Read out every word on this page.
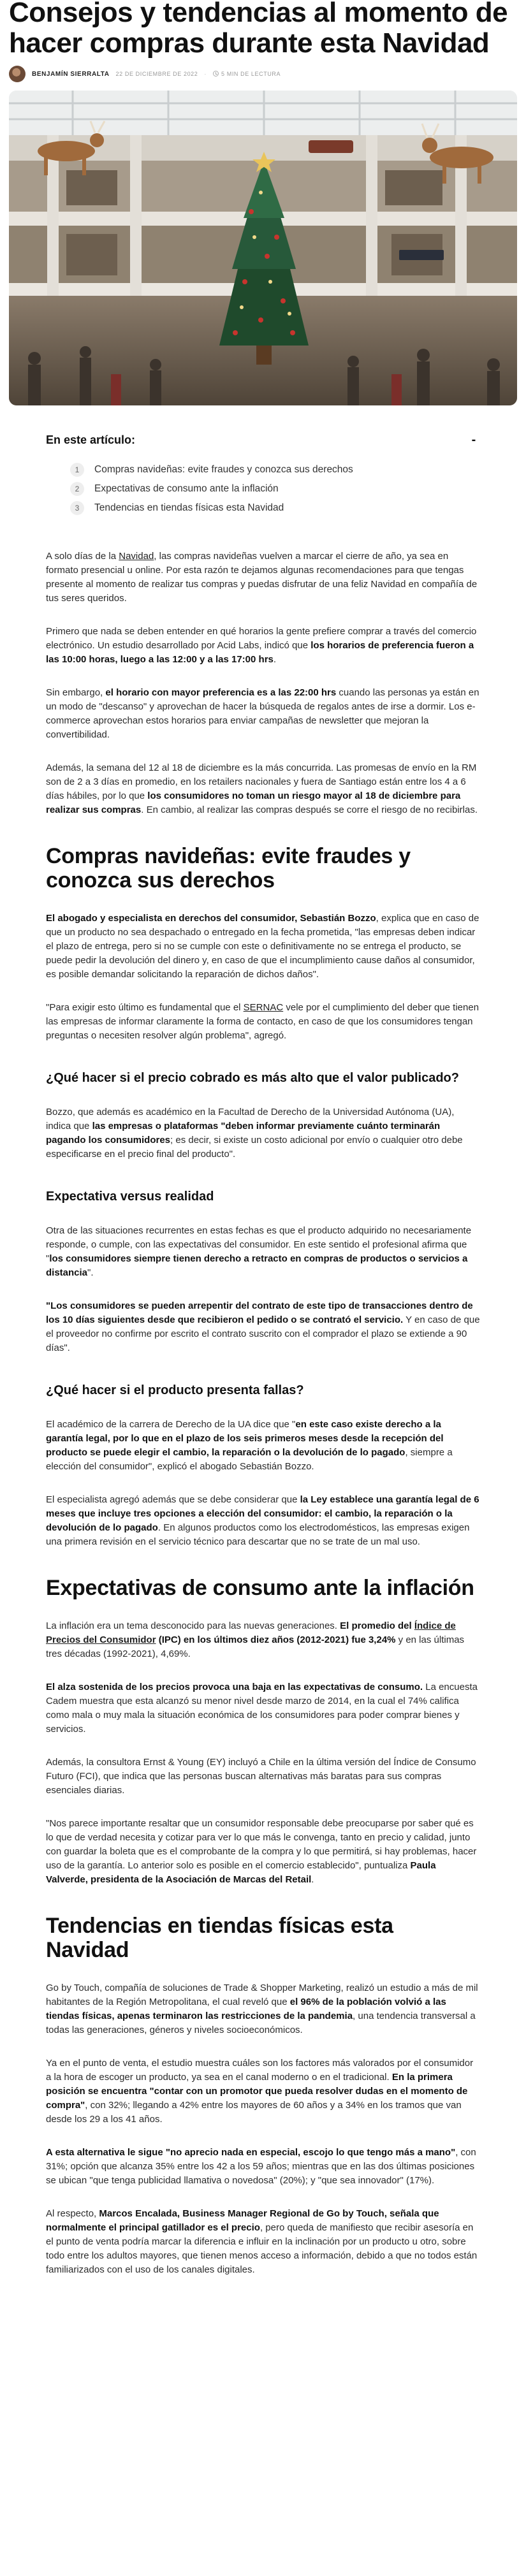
Consejos y tendencias al momento de hacer compras durante esta Navidad
BENJAMÍN SIERRALTA 22 DE DICIEMBRE DE 2022 ·	5 MIN DE LECTURA
En este artículo:	-
1	Compras navideñas: evite fraudes y conozca sus derechos
2	Expectativas de consumo ante la inflación
3	Tendencias en tiendas físicas esta Navidad

A solo días de la Navidad, las compras navideñas vuelven a marcar el cierre de año, ya sea en formato presencial u online. Por esta razón te dejamos algunas recomendaciones para que tengas presente al momento de realizar tus compras y puedas disfrutar de una feliz Navidad en compañía de tus seres queridos.

Primero que nada se deben entender en qué horarios la gente prefiere comprar a través del comercio electrónico. Un estudio desarrollado por Acid Labs, indicó que los horarios de preferencia fueron a las 10:00 horas, luego a las 12:00 y a las 17:00 hrs.

Sin embargo, el horario con mayor preferencia es a las 22:00 hrs cuando las personas ya están en un modo de "descanso" y aprovechan de hacer la búsqueda de regalos antes de irse a dormir. Los e-commerce aprovechan estos horarios para enviar campañas de newsletter que mejoran la convertibilidad.

Además, la semana del 12 al 18 de diciembre es la más concurrida. Las promesas de envío en la RM son de 2 a 3 días en promedio, en los retailers nacionales y fuera de Santiago están entre los 4 a 6 días hábiles, por lo que los consumidores no toman un riesgo mayor al 18 de diciembre para realizar sus compras. En cambio, al realizar las compras después se corre el riesgo de no recibirlas.

Compras navideñas: evite fraudes y conozca sus derechos

El abogado y especialista en derechos del consumidor, Sebastián Bozzo, explica que en caso de que un producto no sea despachado o entregado en la fecha prometida, "las empresas deben indicar el plazo de entrega, pero si no se cumple con este o definitivamente no se entrega el producto, se puede pedir la devolución del dinero y, en caso de que el incumplimiento cause daños al consumidor, es posible demandar solicitando la reparación de dichos daños".

"Para exigir esto último es fundamental que el SERNAC vele por el cumplimiento del deber que tienen las empresas de informar claramente la forma de contacto, en caso de que los consumidores tengan preguntas o necesiten resolver algún problema", agregó.

¿Qué hacer si el precio cobrado es más alto que el valor publicado?

Bozzo, que además es académico en la Facultad de Derecho de la Universidad Autónoma (UA), indica que las empresas o plataformas "deben informar previamente cuánto terminarán pagando los consumidores; es decir, si existe un costo adicional por envío o cualquier otro debe especificarse en el precio final del producto".

Expectativa versus realidad

Otra de las situaciones recurrentes en estas fechas es que el producto adquirido no necesariamente responde, o cumple, con las expectativas del consumidor. En este sentido el profesional afirma que "los consumidores siempre tienen derecho a retracto en compras de productos o servicios a distancia".

"Los consumidores se pueden arrepentir del contrato de este tipo de transacciones dentro de los 10 días siguientes desde que recibieron el pedido o se contrató el servicio. Y en caso de que el proveedor no confirme por escrito el contrato suscrito con el comprador el plazo se extiende a 90 días".

¿Qué hacer si el producto presenta fallas?

El académico de la carrera de Derecho de la UA dice que "en este caso existe derecho a la garantía legal, por lo que en el plazo de los seis primeros meses desde la recepción del producto se puede elegir el cambio, la reparación o la devolución de lo pagado, siempre a elección del consumidor", explicó el abogado Sebastián Bozzo.

El especialista agregó además que se debe considerar que la Ley establece una garantía legal de 6 meses que incluye tres opciones a elección del consumidor: el cambio, la reparación o la devolución de lo pagado. En algunos productos como los electrodomésticos, las empresas exigen una primera revisión en el servicio técnico para descartar que no se trate de un mal uso.

Expectativas de consumo ante la inflación

La inflación era un tema desconocido para las nuevas generaciones. El promedio del Índice de Precios del Consumidor (IPC) en los últimos diez años (2012-2021) fue 3,24% y en las últimas tres décadas (1992-2021), 4,69%.

El alza sostenida de los precios provoca una baja en las expectativas de consumo. La encuesta Cadem muestra que esta alcanzó su menor nivel desde marzo de 2014, en la cual el 74% califica como mala o muy mala la situación económica de los consumidores para poder comprar bienes y servicios.

Además, la consultora Ernst & Young (EY) incluyó a Chile en la última versión del Índice de Consumo Futuro (FCI), que indica que las personas buscan alternativas más baratas para sus compras esenciales diarias.

"Nos parece importante resaltar que un consumidor responsable debe preocuparse por saber qué es lo que de verdad necesita y cotizar para ver lo que más le convenga, tanto en precio y calidad, junto con guardar la boleta que es el comprobante de la compra y lo que permitirá, si hay problemas, hacer uso de la garantía. Lo anterior solo es posible en el comercio establecido", puntualiza Paula Valverde, presidenta de la Asociación de Marcas del Retail.

Tendencias en tiendas físicas esta Navidad

Go by Touch, compañía de soluciones de Trade & Shopper Marketing, realizó un estudio a más de mil habitantes de la Región Metropolitana, el cual reveló que el 96% de la población volvió a las tiendas físicas, apenas terminaron las restricciones de la pandemia, una tendencia transversal a todas las generaciones, géneros y niveles socioeconómicos.

Ya en el punto de venta, el estudio muestra cuáles son los factores más valorados por el consumidor a la hora de escoger un producto, ya sea en el canal moderno o en el tradicional. En la primera posición se encuentra "contar con un promotor que pueda resolver dudas en el momento de compra", con 32%; llegando a 42% entre los mayores de 60 años y a 34% en los tramos que van desde los 29 a los 41 años.

A esta alternativa le sigue "no aprecio nada en especial, escojo lo que tengo más a mano", con 31%; opción que alcanza 35% entre los 42 a los 59 años; mientras que en las dos últimas posiciones se ubican "que tenga publicidad llamativa o novedosa" (20%); y "que sea innovador" (17%).

Al respecto, Marcos Encalada, Business Manager Regional de Go by Touch, señala que normalmente el principal gatillador es el precio, pero queda de manifiesto que recibir asesoría en el punto de venta podría marcar la diferencia e influir en la inclinación por un producto u otro, sobre todo entre los adultos mayores, que tienen menos acceso a información, debido a que no todos están familiarizados con el uso de los canales digitales.
